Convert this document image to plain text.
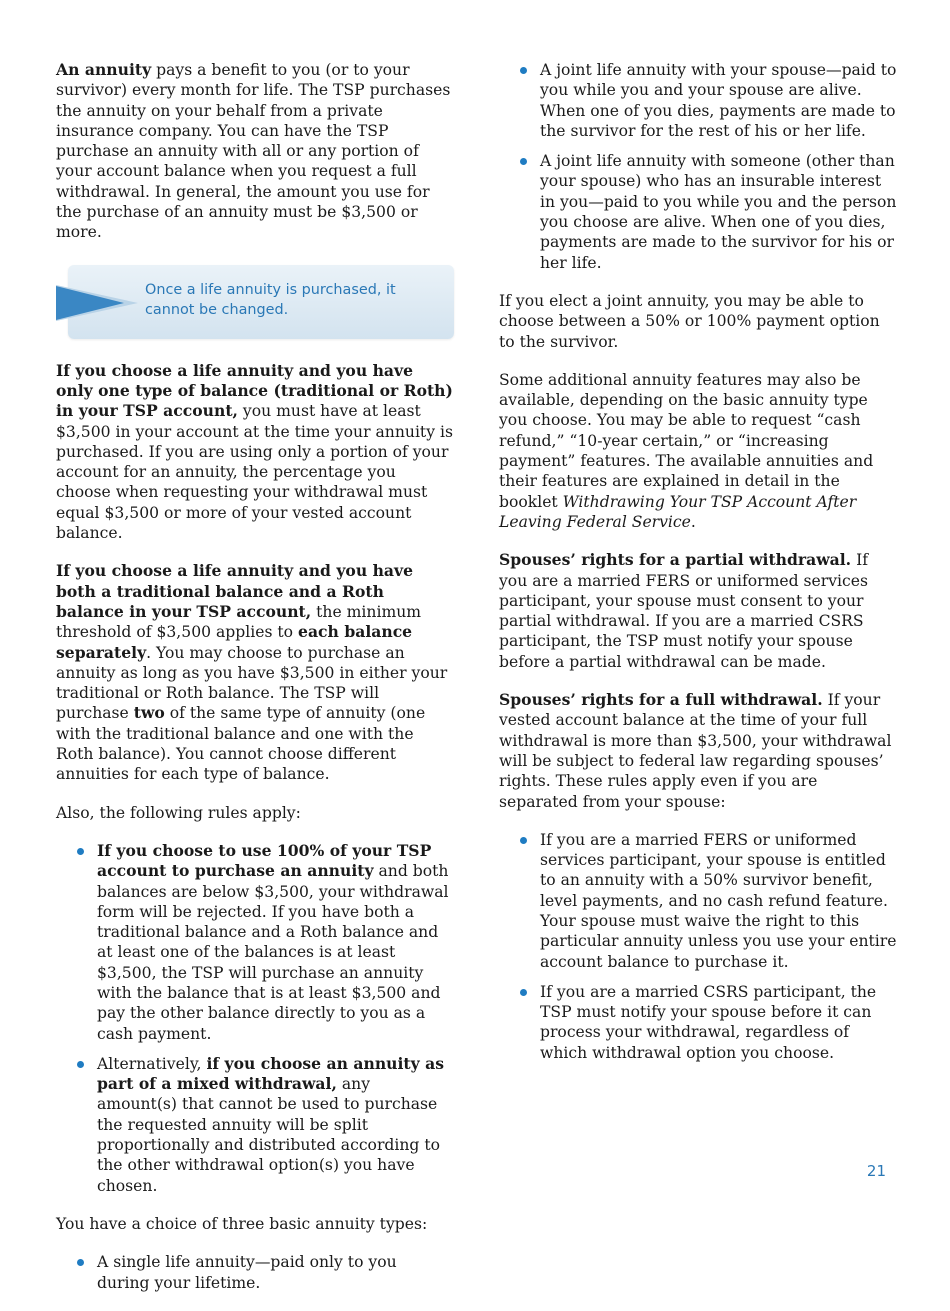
An annuity pays a benefit to you (or to your survivor) every month for life. The TSP purchases the annuity on your behalf from a private insurance company. You can have the TSP purchase an annuity with all or any portion of your account balance when you request a full withdrawal. In general, the amount you use for the purchase of an annuity must be $3,500 or more.

Once a life annuity is purchased, it cannot be changed.

If you choose a life annuity and you have only one type of balance (traditional or Roth) in your TSP account, you must have at least $3,500 in your account at the time your annuity is purchased. If you are using only a portion of your account for an annuity, the percentage you choose when requesting your withdrawal must equal $3,500 or more of your vested account balance.

If you choose a life annuity and you have both a traditional balance and a Roth balance in your TSP account, the minimum threshold of $3,500 applies to each balance separately. You may choose to purchase an annuity as long as you have $3,500 in either your traditional or Roth balance. The TSP will purchase two of the same type of annuity (one with the traditional balance and one with the Roth balance). You cannot choose different annuities for each type of balance.

Also, the following rules apply:

If you choose to use 100% of your TSP account to purchase an annuity and both balances are below $3,500, your withdrawal form will be rejected. If you have both a traditional balance and a Roth balance and at least one of the balances is at least $3,500, the TSP will purchase an annuity with the balance that is at least $3,500 and pay the other balance directly to you as a cash payment.
Alternatively, if you choose an annuity as part of a mixed withdrawal, any amount(s) that cannot be used to purchase the requested annuity will be split proportionally and distributed according to the other withdrawal option(s) you have chosen.

You have a choice of three basic annuity types:

A single life annuity—paid only to you during your lifetime.
A joint life annuity with your spouse—paid to you while you and your spouse are alive. When one of you dies, payments are made to the survivor for the rest of his or her life.
A joint life annuity with someone (other than your spouse) who has an insurable interest in you—paid to you while you and the person you choose are alive. When one of you dies, payments are made to the survivor for his or her life.

If you elect a joint annuity, you may be able to choose between a 50% or 100% payment option to the survivor.

Some additional annuity features may also be available, depending on the basic annuity type you choose. You may be able to request “cash refund,” “10-year certain,” or “increasing payment” features. The available annuities and their features are explained in detail in the booklet Withdrawing Your TSP Account After Leaving Federal Service.

Spouses’ rights for a partial withdrawal. If you are a married FERS or uniformed services participant, your spouse must consent to your partial withdrawal. If you are a married CSRS participant, the TSP must notify your spouse before a partial withdrawal can be made.

Spouses’ rights for a full withdrawal. If your vested account balance at the time of your full withdrawal is more than $3,500, your withdrawal will be subject to federal law regarding spouses’ rights. These rules apply even if you are separated from your spouse:

If you are a married FERS or uniformed services participant, your spouse is entitled to an annuity with a 50% survivor benefit, level payments, and no cash refund feature. Your spouse must waive the right to this particular annuity unless you use your entire account balance to purchase it.
If you are a married CSRS participant, the TSP must notify your spouse before it can process your withdrawal, regardless of which withdrawal option you choose.
21
